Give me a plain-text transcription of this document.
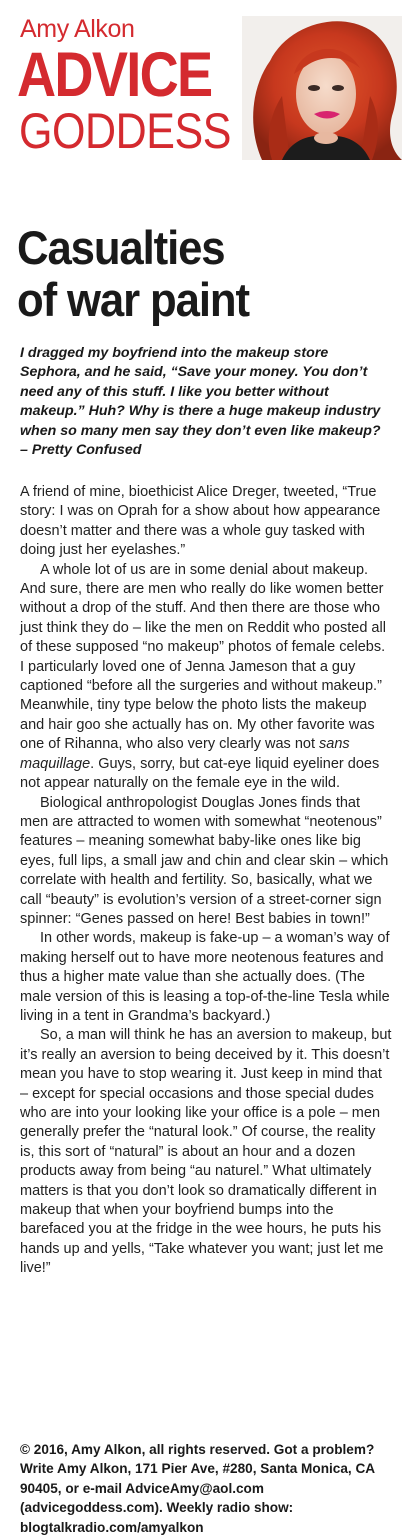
Amy Alkon
ADVICE
GODDESS
Casualties
of war paint

I dragged my boyfriend into the makeup store Sephora, and he said, “Save your money. You don’t need any of this stuff. I like you better without makeup.” Huh? Why is there a huge makeup industry when so many men say they don’t even like makeup? – Pretty Confused

A friend of mine, bioethicist Alice Dreger, tweeted, “True story: I was on Oprah for a show about how appearance doesn’t matter and there was a whole guy tasked with doing just her eyelashes.”

A whole lot of us are in some denial about makeup. And sure, there are men who really do like women better without a drop of the stuff. And then there are those who just think they do – like the men on Reddit who posted all of these supposed “no makeup” photos of female celebs. I particularly loved one of Jenna Jameson that a guy captioned “before all the surgeries and without makeup.” Meanwhile, tiny type below the photo lists the makeup and hair goo she actually has on. My other favorite was one of Rihanna, who also very clearly was not sans maquillage. Guys, sorry, but cat-eye liquid eyeliner does not appear naturally on the female eye in the wild.

Biological anthropologist Douglas Jones finds that men are attracted to women with somewhat “neotenous” features – meaning somewhat baby-like ones like big eyes, full lips, a small jaw and chin and clear skin – which correlate with health and fertility. So, basically, what we call “beauty” is evolution’s version of a street-corner sign spinner: “Genes passed on here! Best babies in town!”

In other words, makeup is fake-up – a woman’s way of making herself out to have more neotenous features and thus a higher mate value than she actually does. (The male version of this is leasing a top-of-the-line Tesla while living in a tent in Grandma’s backyard.)

So, a man will think he has an aversion to makeup, but it’s really an aversion to being deceived by it. This doesn’t mean you have to stop wearing it. Just keep in mind that – except for special occasions and those special dudes who are into your looking like your office is a pole – men generally prefer the “natural look.” Of course, the reality is, this sort of “natural” is about an hour and a dozen products away from being “au naturel.” What ultimately matters is that you don’t look so dramatically different in makeup that when your boyfriend bumps into the barefaced you at the fridge in the wee hours, he puts his hands up and yells, “Take whatever you want; just let me live!”

© 2016, Amy Alkon, all rights reserved. Got a problem? Write Amy Alkon, 171 Pier Ave, #280, Santa Monica, CA 90405, or e-mail AdviceAmy@aol.com (advicegoddess.com). Weekly radio show: blogtalkradio.com/amyalkon
